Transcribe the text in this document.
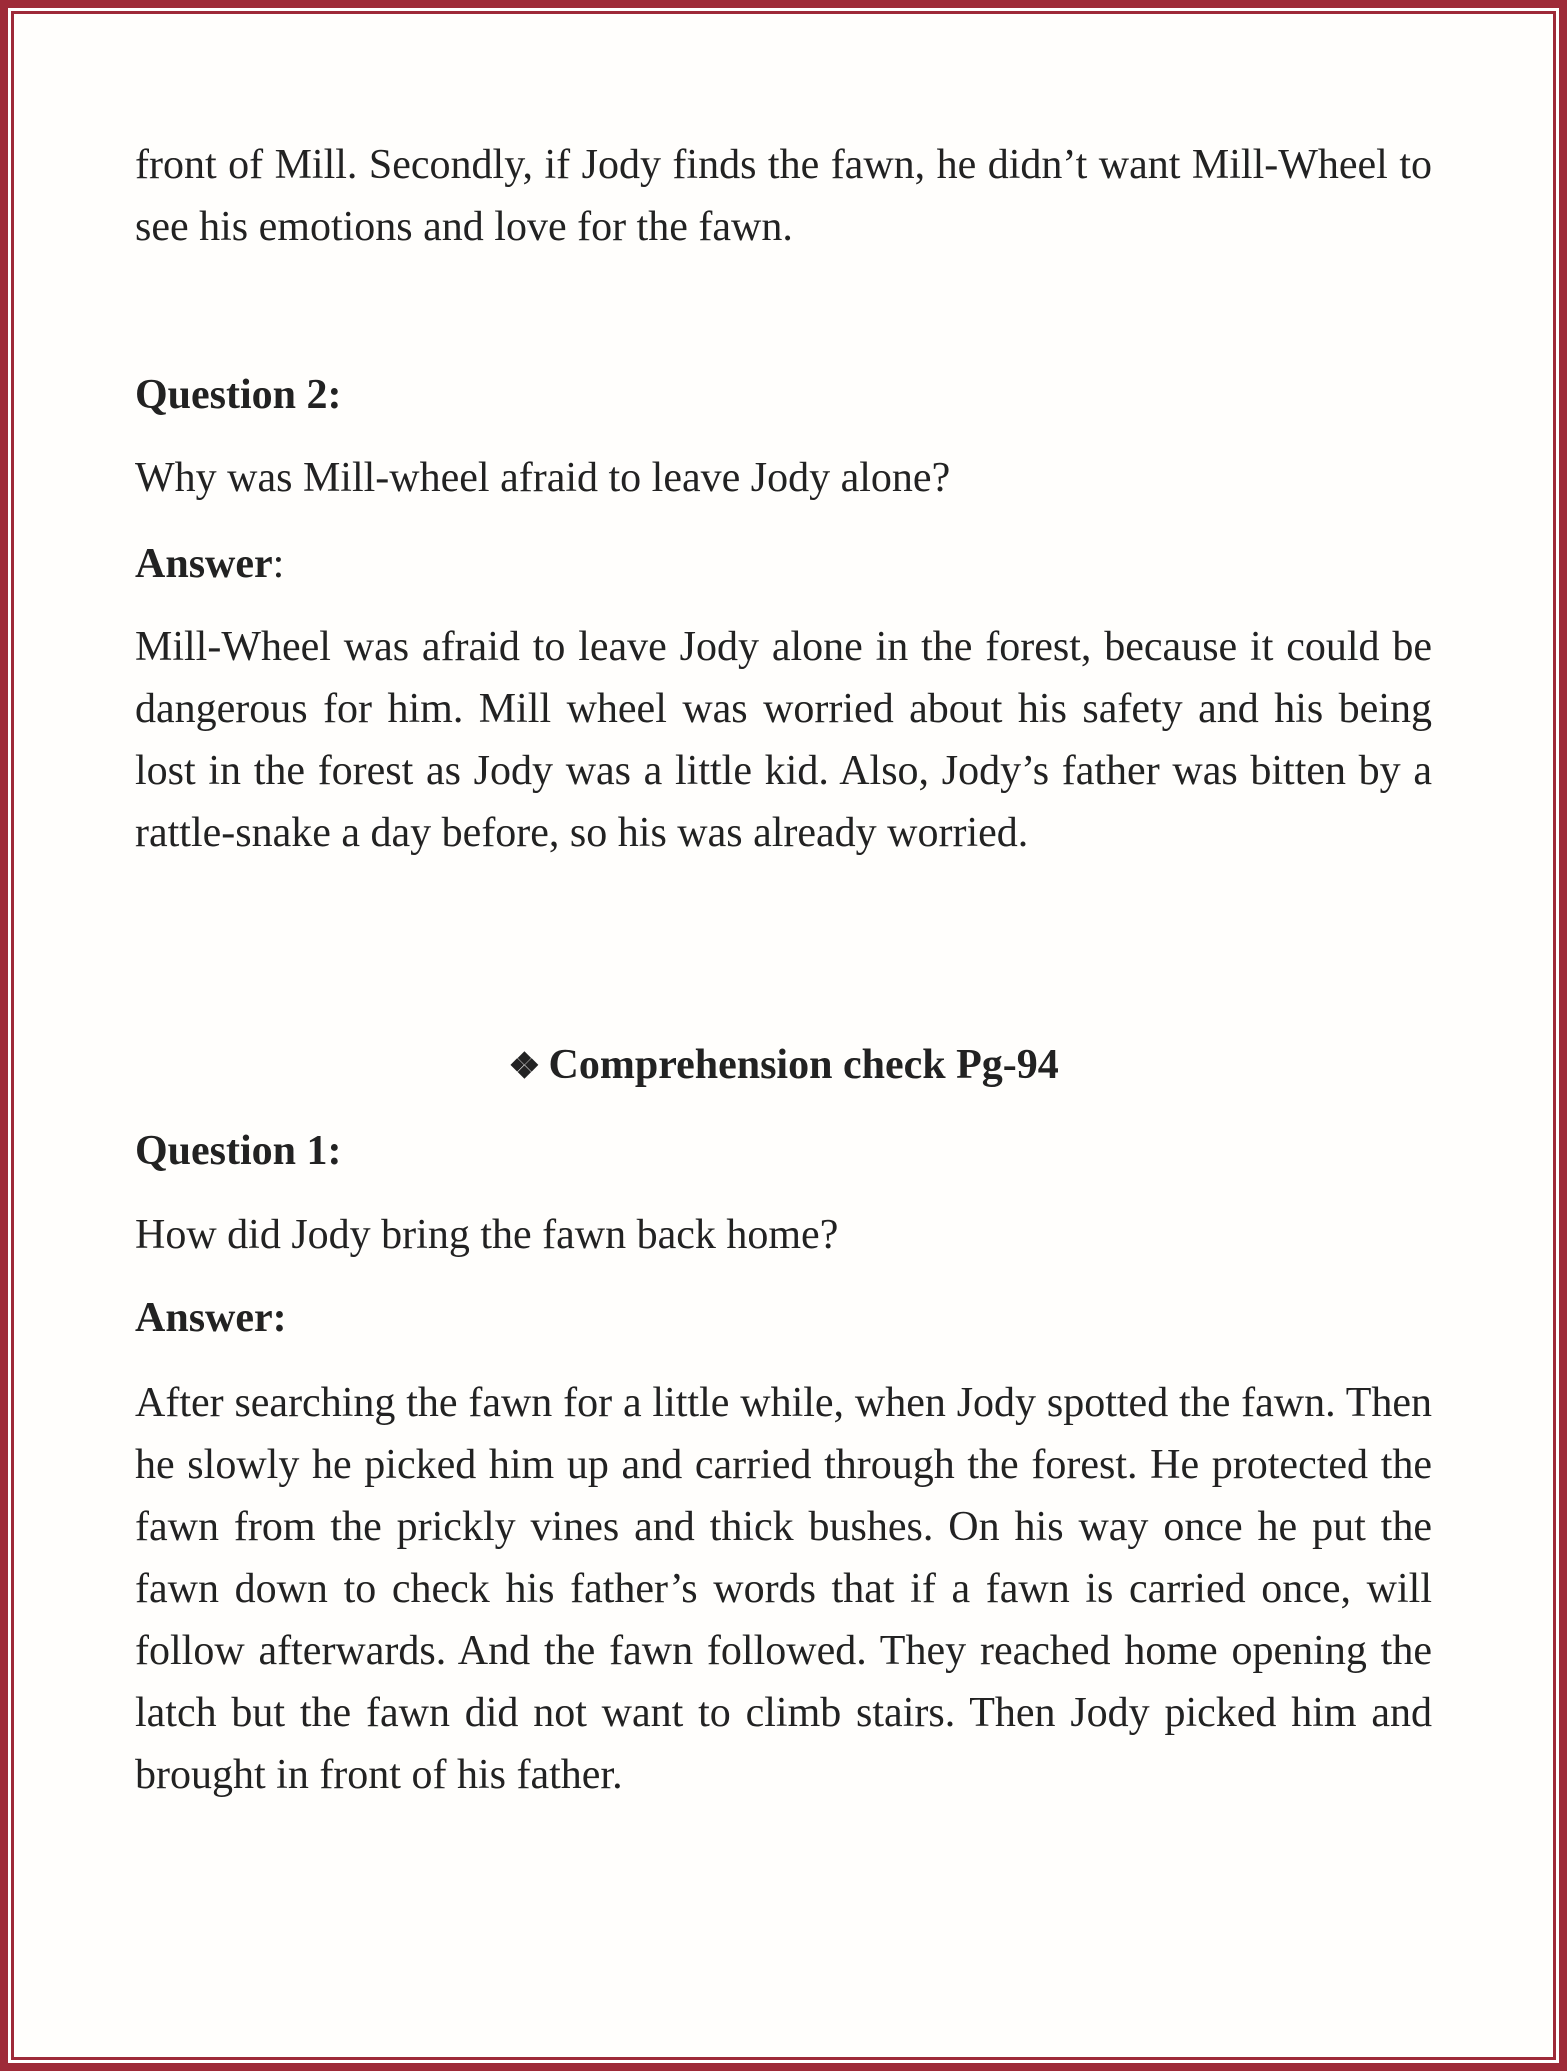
front of Mill. Secondly, if Jody finds the fawn, he didn’t want Mill-Wheel to see his emotions and love for the fawn.

Question 2:

Why was Mill-wheel afraid to leave Jody alone?

Answer:

Mill-Wheel was afraid to leave Jody alone in the forest, because it could be dangerous for him. Mill wheel was worried about his safety and his being lost in the forest as Jody was a little kid. Also, Jody’s father was bitten by a rattle-snake a day before, so his was already worried.

❖ Comprehension check Pg-94

Question 1:

How did Jody bring the fawn back home?

Answer:

After searching the fawn for a little while, when Jody spotted the fawn. Then he slowly he picked him up and carried through the forest. He protected the fawn from the prickly vines and thick bushes. On his way once he put the fawn down to check his father’s words that if a fawn is carried once, will follow afterwards. And the fawn followed. They reached home opening the latch but the fawn did not want to climb stairs. Then Jody picked him and brought in front of his father.
